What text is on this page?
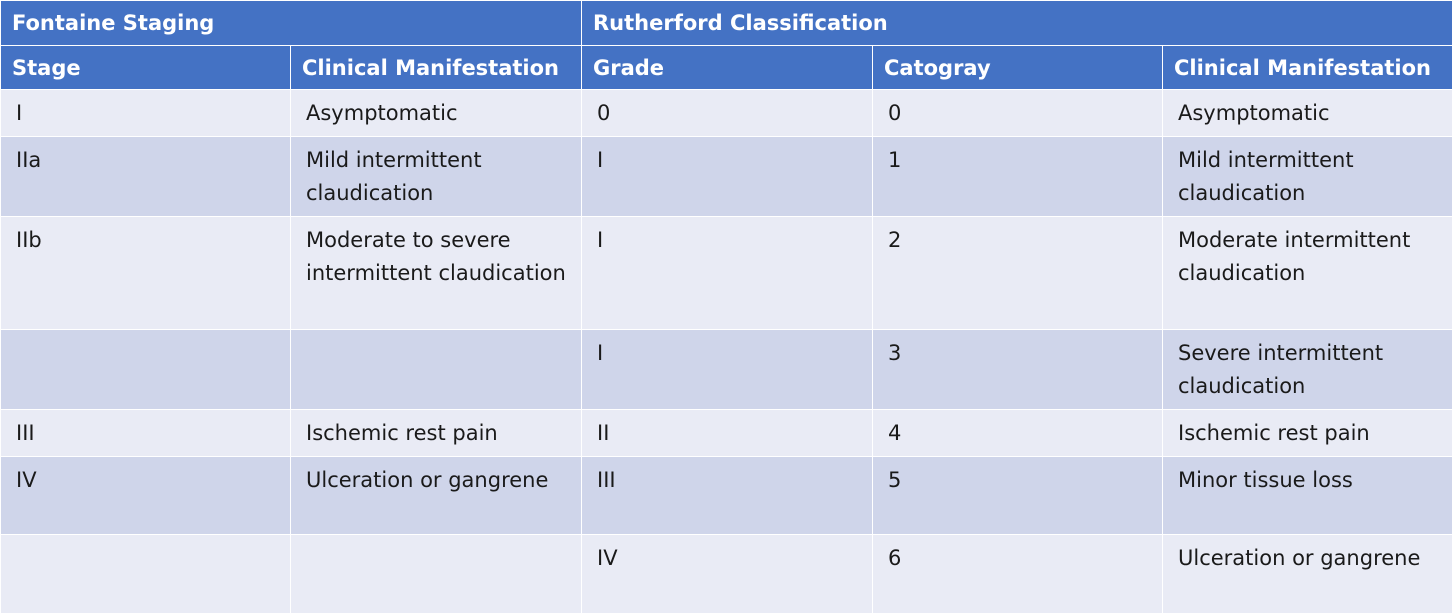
Fontaine Staging		Rutherford Classification		
Stage	Clinical Manifestation	Grade	Catogray	Clinical Manifestation
I	Asymptomatic	0	0	Asymptomatic
IIa	Mild intermittent claudication	I	1	Mild intermittent claudication
IIb	Moderate to severe intermittent claudication	I	2	Moderate intermittent claudication
		I	3	Severe intermittent claudication
III	Ischemic rest pain	II	4	Ischemic rest pain
IV	Ulceration or gangrene	III	5	Minor tissue loss
		IV	6	Ulceration or gangrene
